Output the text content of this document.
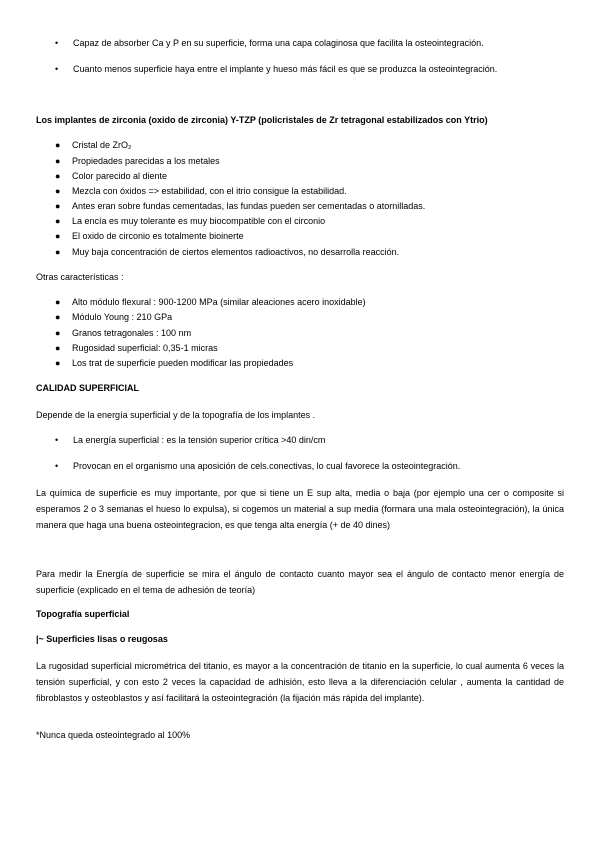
• Capaz de absorber Ca y P en su superficie, forma una capa colaginosa que facilita la osteointegración.
• Cuanto menos superficie haya entre el implante y hueso más fácil es que se produzca la osteointegración.
Los implantes de zirconia (oxido de zirconia) Y-TZP (policristales de Zr tetragonal estabilizados con Ytrio)
● Cristal de ZrO₂
● Propiedades parecidas a los metales
● Color parecido al diente
● Mezcla con óxidos => estabilidad, con el itrio consigue la estabilidad.
● Antes eran sobre fundas cementadas, las fundas pueden ser cementadas o atornilladas.
● La encía es muy tolerante es muy biocompatible con el circonio
● El oxido de circonio es totalmente bioinerte
● Muy baja concentración de ciertos elementos radioactivos, no desarrolla reacción.
Otras características :
● Alto módulo flexural : 900-1200 MPa (similar aleaciones acero inoxidable)
● Módulo Young : 210 GPa
● Granos tetragonales : 100 nm
● Rugosidad superficial: 0,35-1 micras
● Los trat de superficie pueden modificar las propiedades
CALIDAD SUPERFICIAL
Depende de la energía superficial y de la topografía de los implantes .
• La energía superficial : es la tensión superior crítica >40 din/cm
• Provocan en el organismo una aposición de cels.conectivas, lo cual favorece la osteointegración.
La química de superficie es muy importante, por que si tiene un E sup alta, media o baja (por ejemplo una cer o composite si esperamos 2 o 3 semanas el hueso lo expulsa), si cogemos un material a sup media (formara una mala osteointegración), la única manera que haga una buena osteointegracion, es que tenga alta energía (+ de 40 dines)
Para medir la Energía de superficie se mira el ángulo de contacto cuanto mayor sea el ángulo de contacto menor energía de superficie (explicado en el tema de adhesión de teoría)
Topografía superficial
|~ Superficies lisas o reugosas
La rugosidad superficial micrométrica del titanio, es mayor a la concentración de titanio en la superficie, lo cual aumenta 6 veces la tensión superficial, y con esto 2 veces la capacidad de adhisión, esto lleva a la diferenciación celular , aumenta la cantidad de fibroblastos y osteoblastos y así facilitará la osteointegración (la fijación más rápida del implante).
*Nunca queda osteointegrado al 100%
